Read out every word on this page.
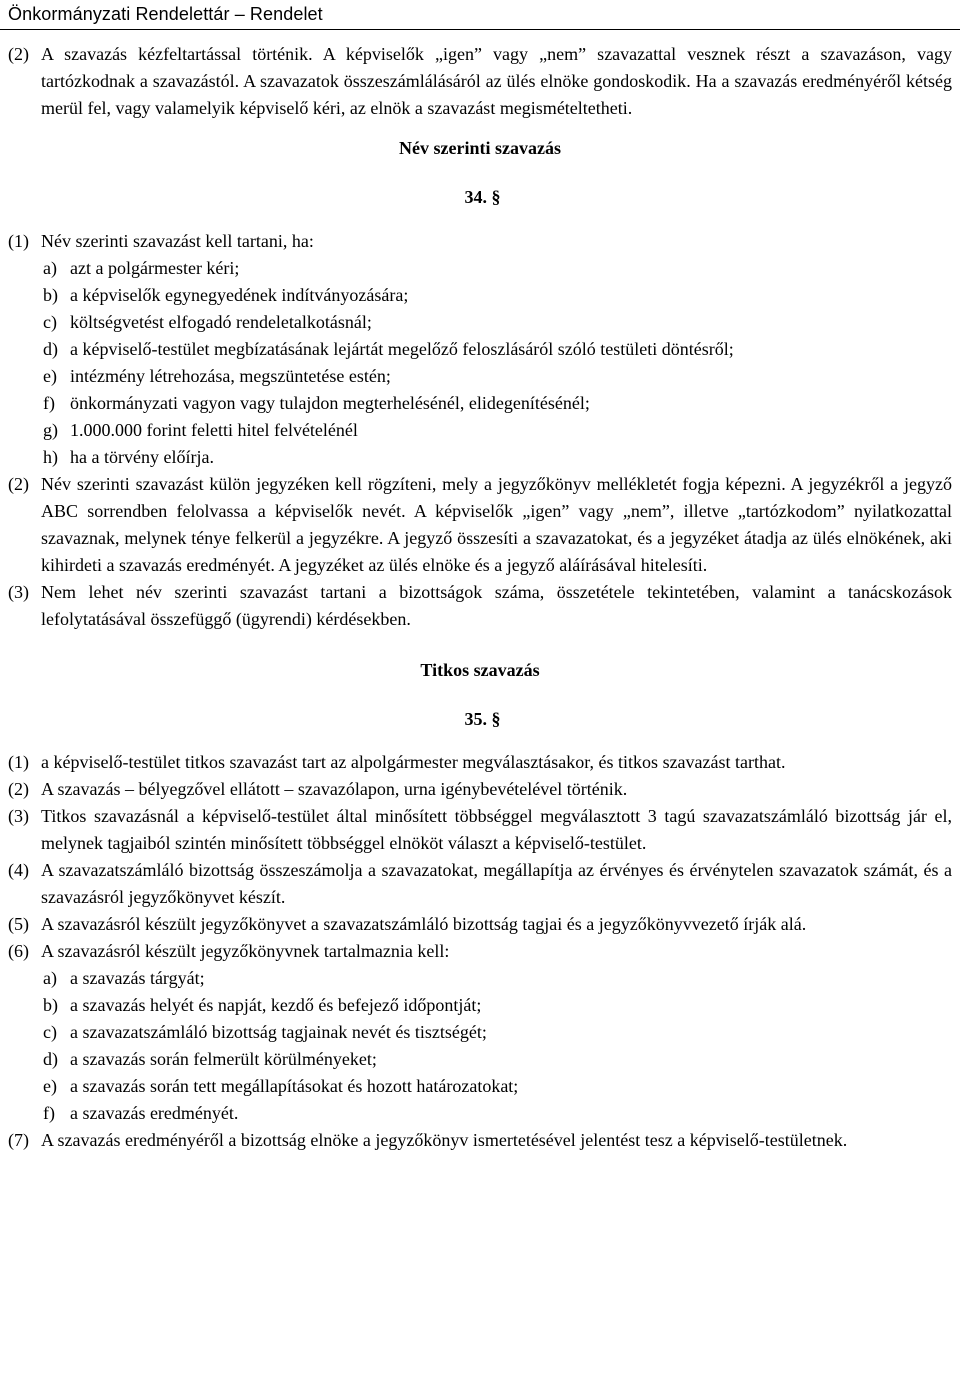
Önkormányzati Rendelettár – Rendelet
(2) A szavazás kézfeltartással történik. A képviselők „igen” vagy „nem” szavazattal vesznek részt a szavazáson, vagy tartózkodnak a szavazástól. A szavazatok összeszámlálásáról az ülés elnöke gondoskodik. Ha a szavazás eredményéről kétség merül fel, vagy valamelyik képviselő kéri, az elnök a szavazást megismételtetheti.
Név szerinti szavazás
34. §
(1) Név szerinti szavazást kell tartani, ha:
a) azt a polgármester kéri;
b) a képviselők egynegyedének indítványozására;
c) költségvetést elfogadó rendeletalkotásnál;
d) a képviselő-testület megbízatásának lejártát megelőző feloszlásáról szóló testületi döntésről;
e) intézmény létrehozása, megszüntetése estén;
f) önkormányzati vagyon vagy tulajdon megterhelésénél, elidegenítésénél;
g) 1.000.000 forint feletti hitel felvételénél
h) ha a törvény előírja.
(2) Név szerinti szavazást külön jegyzéken kell rögzíteni, mely a jegyzőkönyv mellékletét fogja képezni. A jegyzékről a jegyző ABC sorrendben felolvassa a képviselők nevét. A képviselők „igen” vagy „nem”, illetve „tartózkodom” nyilatkozattal szavaznak, melynek ténye felkerül a jegyzékre. A jegyző összesíti a szavazatokat, és a jegyzéket átadja az ülés elnökének, aki kihirdeti a szavazás eredményét. A jegyzéket az ülés elnöke és a jegyző aláírásával hitelesíti.
(3) Nem lehet név szerinti szavazást tartani a bizottságok száma, összetétele tekintetében, valamint a tanácskozások lefolytatásával összefüggő (ügyrendi) kérdésekben.
Titkos szavazás
35. §
(1) a képviselő-testület titkos szavazást tart az alpolgármester megválasztásakor, és titkos szavazást tarthat.
(2) A szavazás – bélyegzővel ellátott – szavazólapon, urna igénybevételével történik.
(3) Titkos szavazásnál a képviselő-testület által minősített többséggel megválasztott 3 tagú szavazatszámláló bizottság jár el, melynek tagjaiból szintén minősített többséggel elnököt választ a képviselő-testület.
(4) A szavazatszámláló bizottság összeszámolja a szavazatokat, megállapítja az érvényes és érvénytelen szavazatok számát, és a szavazásról jegyzőkönyvet készít.
(5) A szavazásról készült jegyzőkönyvet a szavazatszámláló bizottság tagjai és a jegyzőkönyvvezető írják alá.
(6) A szavazásról készült jegyzőkönyvnek tartalmaznia kell:
a) a szavazás tárgyát;
b) a szavazás helyét és napját, kezdő és befejező időpontját;
c) a szavazatszámláló bizottság tagjainak nevét és tisztségét;
d) a szavazás során felmerült körülményeket;
e) a szavazás során tett megállapításokat és hozott határozatokat;
f) a szavazás eredményét.
(7) A szavazás eredményéről a bizottság elnöke a jegyzőkönyv ismertetésével jelentést tesz a képviselő-testületnek.
